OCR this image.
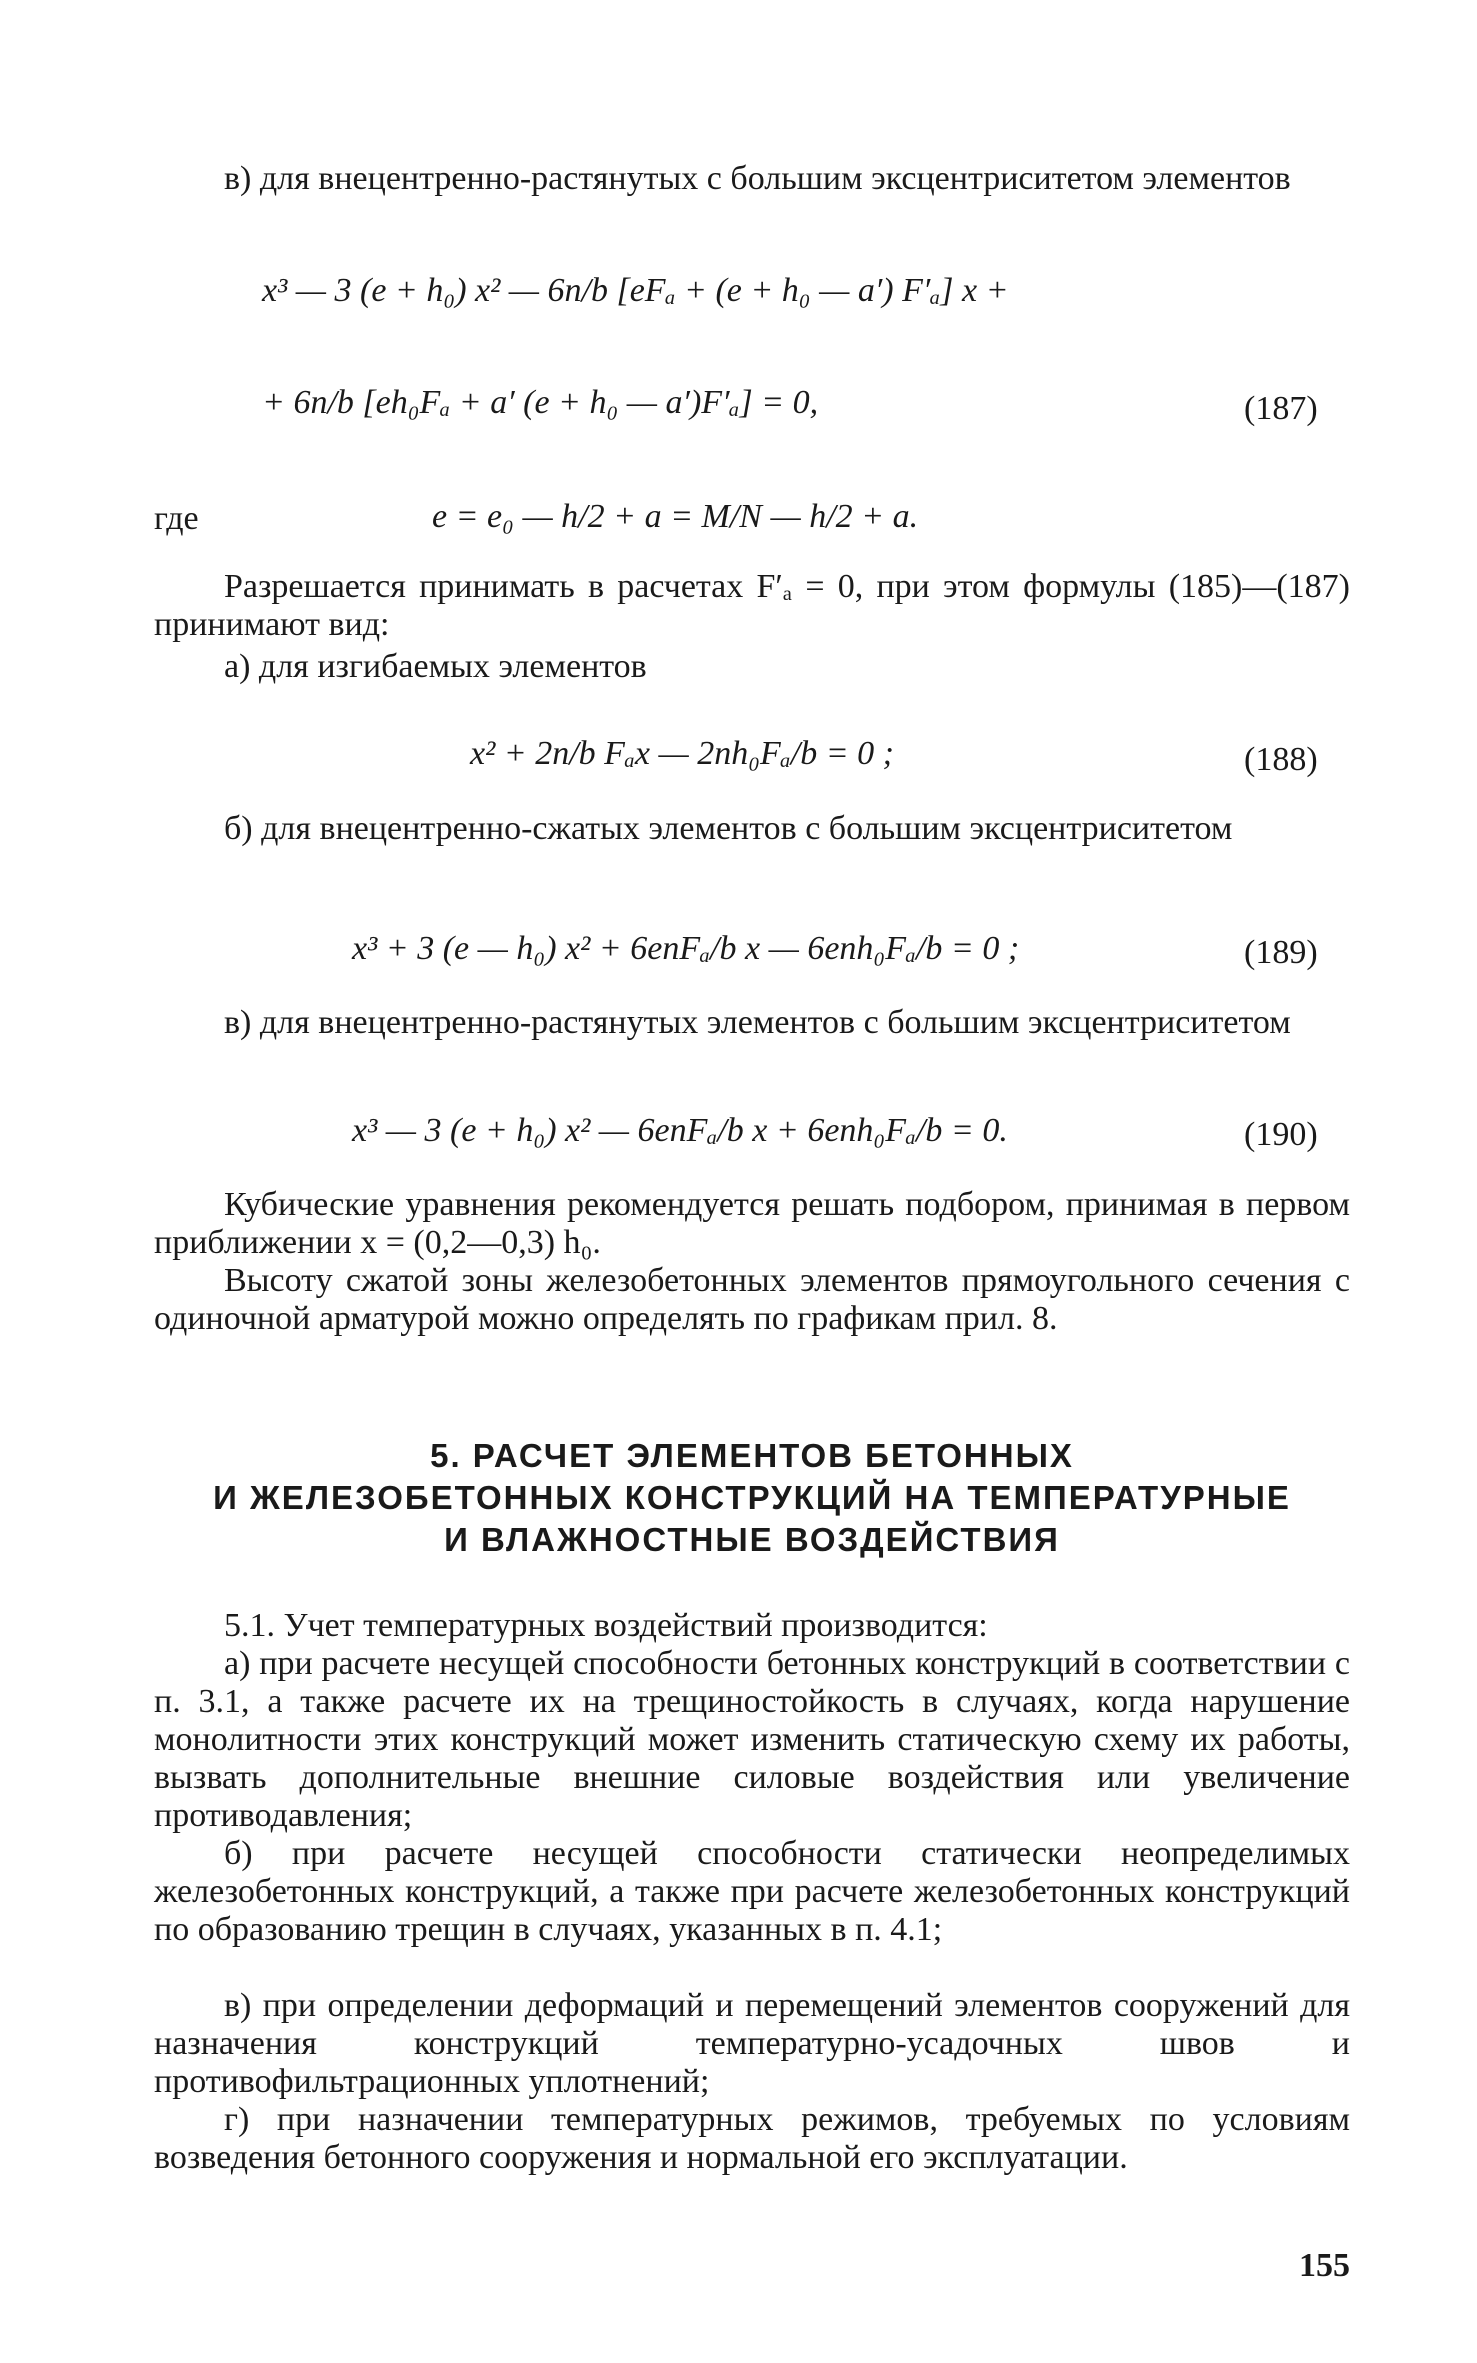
в) для внецентренно-растянутых с большим эксцентриситетом элементов

x³ — 3 (e + h₀) x² — 6n/b [eFₐ + (e + h₀ — a′) F′ₐ] x +
+ 6n/b [eh₀Fₐ + a′ (e + h₀ — a′)F′ₐ] = 0,	(187)
где	e = e₀ — h/2 + a = M/N — h/2 + a.

Разрешается принимать в расчетах F′ₐ = 0, при этом формулы (185)—(187) принимают вид:

а) для изгибаемых элементов

x² + 2n/b Fₐx — 2nh₀Fₐ/b = 0 ;	(188)

б) для внецентренно-сжатых элементов с большим эксцентриситетом

x³ + 3 (e — h₀) x² + 6enFₐ/b x — 6enh₀Fₐ/b = 0 ;	(189)

в) для внецентренно-растянутых элементов с большим эксцентриситетом

x³ — 3 (e + h₀) x² — 6enFₐ/b x + 6enh₀Fₐ/b = 0.	(190)

Кубические уравнения рекомендуется решать подбором, принимая в первом приближении x = (0,2—0,3) h₀.

Высоту сжатой зоны железобетонных элементов прямоугольного сечения с одиночной арматурой можно определять по графикам прил. 8.

5. РАСЧЕТ ЭЛЕМЕНТОВ БЕТОННЫХ
И ЖЕЛЕЗОБЕТОННЫХ КОНСТРУКЦИЙ НА ТЕМПЕРАТУРНЫЕ
И ВЛАЖНОСТНЫЕ ВОЗДЕЙСТВИЯ

5.1. Учет температурных воздействий производится:

а) при расчете несущей способности бетонных конструкций в соответствии с п. 3.1, а также расчете их на трещиностойкость в случаях, когда нарушение монолитности этих конструкций может изменить статическую схему их работы, вызвать дополнительные внешние силовые воздействия или увеличение противодавления;

б) при расчете несущей способности статически неопределимых железобетонных конструкций, а также при расчете железобетонных конструкций по образованию трещин в случаях, указанных в п. 4.1;

в) при определении деформаций и перемещений элементов сооружений для назначения конструкций температурно-усадочных швов и противофильтрационных уплотнений;

г) при назначении температурных режимов, требуемых по условиям возведения бетонного сооружения и нормальной его эксплуатации.

155
